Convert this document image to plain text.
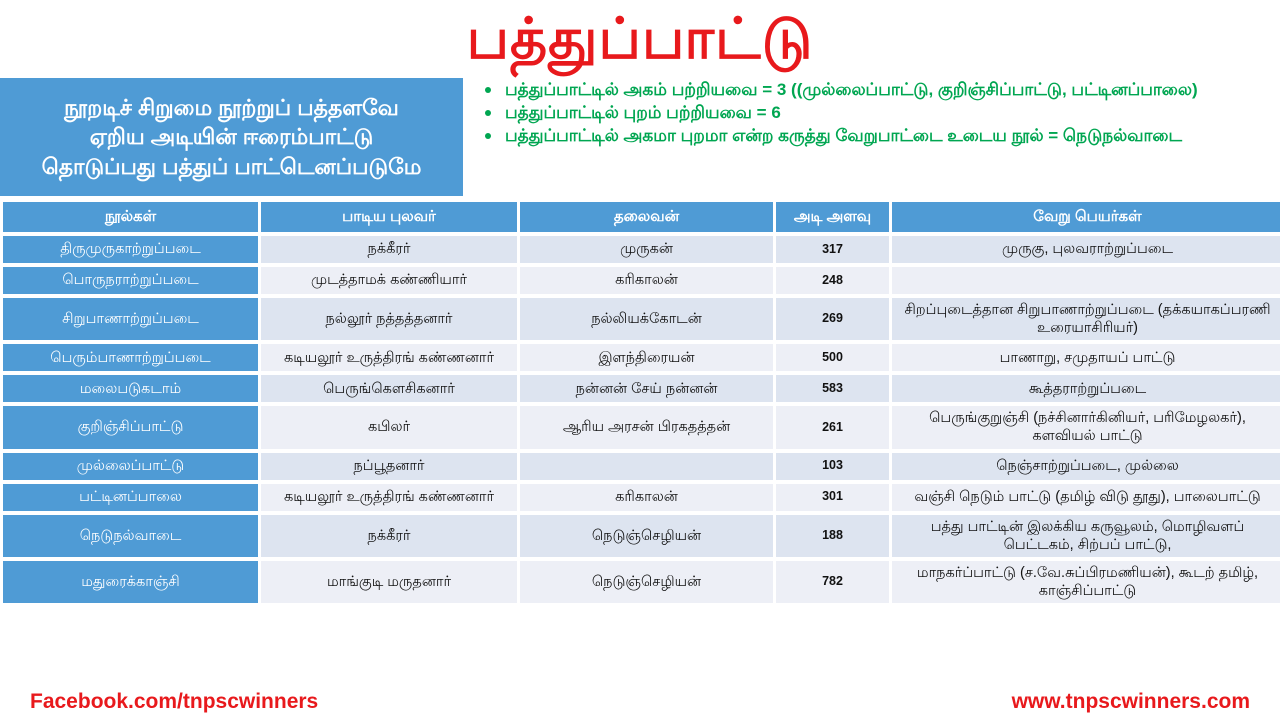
பத்துப்பாட்டு
நூறடிச் சிறுமை நூற்றுப் பத்தளவே
ஏறிய அடியின் ஈரைம்பாட்டு
தொடுப்பது பத்துப் பாட்டெனப்படுமே
பத்துப்பாட்டில் அகம் பற்றியவை = 3 ((முல்லைப்பாட்டு, குறிஞ்சிப்பாட்டு, பட்டினப்பாலை)
பத்துப்பாட்டில் புறம் பற்றியவை = 6
பத்துப்பாட்டில் அகமா புறமா என்ற கருத்து வேறுபாட்டை உடைய நூல் = நெடுநல்வாடை
நூல்கள்	பாடிய புலவர்	தலைவன்	அடி அளவு	வேறு பெயர்கள்
திருமுருகாற்றுப்படை	நக்கீரர்	முருகன்	317	முருகு, புலவராற்றுப்படை
பொருநராற்றுப்படை	முடத்தாமக் கண்ணியார்	கரிகாலன்	248	
சிறுபாணாற்றுப்படை	நல்லூர் நத்தத்தனார்	நல்லியக்கோடன்	269	சிறப்புடைத்தான சிறுபாணாற்றுப்படை (தக்கயாகப்பரணி உரையாசிரியர்)
பெரும்பாணாற்றுப்படை	கடியலூர் உருத்திரங் கண்ணனார்	இளந்திரையன்	500	பாணாறு, சமுதாயப் பாட்டு
மலைபடுகடாம்	பெருங்கௌசிகனார்	நன்னன் சேய் நன்னன்	583	கூத்தராற்றுப்படை
குறிஞ்சிப்பாட்டு	கபிலர்	ஆரிய அரசன் பிரகதத்தன்	261	பெருங்குறுஞ்சி (நச்சினார்கினியர், பரிமேழலகர்), களவியல் பாட்டு
முல்லைப்பாட்டு	நப்பூதனார்		103	நெஞ்சாற்றுப்படை, முல்லை
பட்டினப்பாலை	கடியலூர் உருத்திரங் கண்ணனார்	கரிகாலன்	301	வஞ்சி நெடும் பாட்டு (தமிழ் விடு தூது), பாலைபாட்டு
நெடுநல்வாடை	நக்கீரர்	நெடுஞ்செழியன்	188	பத்து பாட்டின் இலக்கிய கருவூலம், மொழிவளப் பெட்டகம், சிற்பப் பாட்டு,
மதுரைக்காஞ்சி	மாங்குடி மருதனார்	நெடுஞ்செழியன்	782	மாநகர்ப்பாட்டு (ச.வே.சுப்பிரமணியன்), கூடற் தமிழ், காஞ்சிப்பாட்டு
Facebook.com/tnpscwinners	www.tnpscwinners.com
